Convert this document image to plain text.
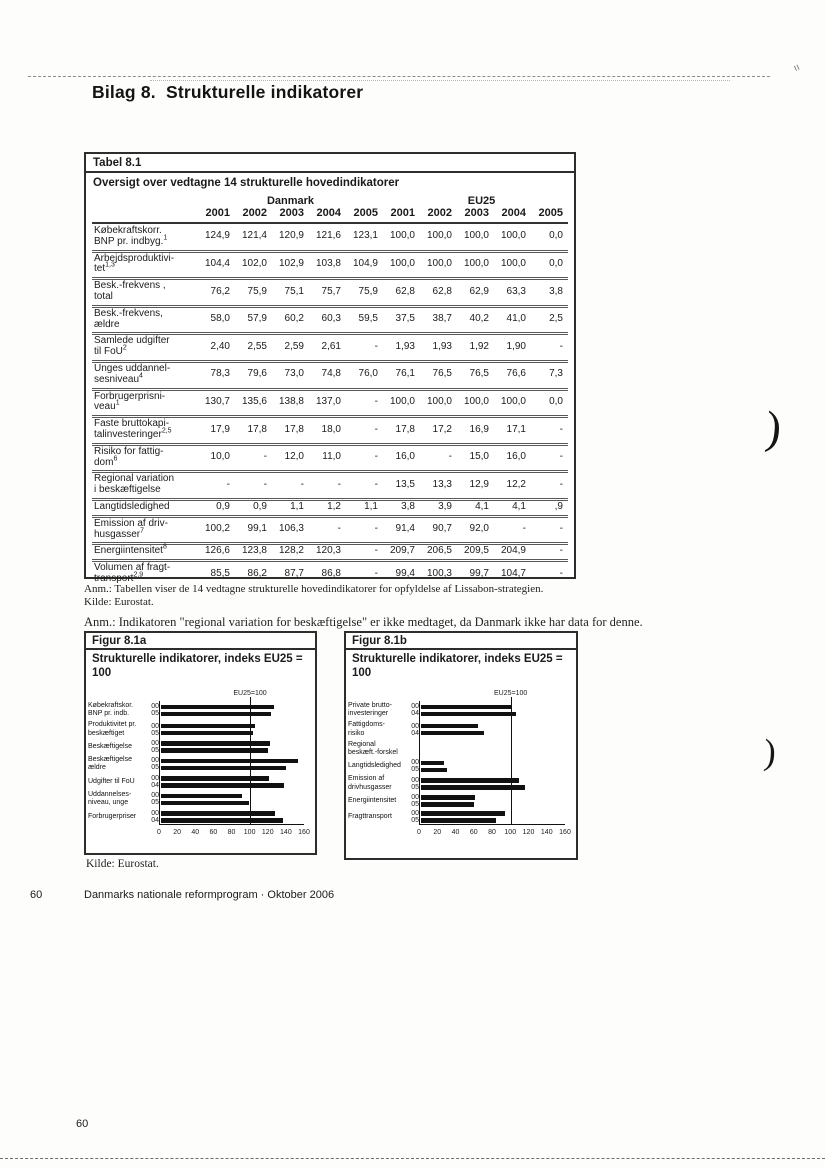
=
Bilag 8.  Strukturelle indikatorer
Tabel 8.1
Oversigt over vedtagne 14 strukturelle hovedindikatorer
Danmark	EU25
2001	2002	2003	2004	2005	2001	2002	2003	2004	2005
Købekraftskorr.
BNP pr. indbyg.$^1$	124,9	121,4	120,9	121,6	123,1	100,0	100,0	100,0	100,0	0,0
Arbejdsproduktivi-
tet$^{1,3}$	104,4	102,0	102,9	103,8	104,9	100,0	100,0	100,0	100,0	0,0
Besk.-frekvens ,
total	76,2	75,9	75,1	75,7	75,9	62,8	62,8	62,9	63,3	3,8
Besk.-frekvens,
ældre	58,0	57,9	60,2	60,3	59,5	37,5	38,7	40,2	41,0	2,5
Samlede udgifter
til FoU$^2$	2,40	2,55	2,59	2,61	-	1,93	1,93	1,92	1,90	-
Unges uddannel-
sesniveau$^4$	78,3	79,6	73,0	74,8	76,0	76,1	76,5	76,5	76,6	7,3
Forbrugerprisni-
veau$^1$	130,7	135,6	138,8	137,0	-	100,0	100,0	100,0	100,0	0,0
Faste bruttokapi-
talinvesteringer$^{2,5}$	17,9	17,8	17,8	18,0	-	17,8	17,2	16,9	17,1	-
Risiko for fattig-
dom$^6$	10,0	-	12,0	11,0	-	16,0	-	15,0	16,0	-
Regional variation
i beskæftigelse	-	-	-	-	-	13,5	13,3	12,9	12,2	-
Langtidsledighed	0,9	0,9	1,1	1,2	1,1	3,8	3,9	4,1	4,1	,9
Emission af driv-
husgasser$^7$	100,2	99,1	106,3	-	-	91,4	90,7	92,0	-	-
Energiintensitet$^8$	126,6	123,8	128,2	120,3	-	209,7	206,5	209,5	204,9	-
Volumen af fragt-
transport$^{2,9}$	85,5	86,2	87,7	86,8	-	99,4	100,3	99,7	104,7	-

Anm.: Tabellen viser de 14 vedtagne strukturelle hovedindikatorer for opfyldelse af Lissabon-strategien.

Kilde: Eurostat.

Anm.: Indikatoren "regional variation for beskæftigelse" er ikke medtaget, da Danmark ikke har data for denne.

Figur 8.1a
Strukturelle indikatorer, indeks EU25 = 100
EU25=100
Købekraftskor.
BNP pr. indb.
00
05
Produktivitet pr.
beskæftiget
00
05
Beskæftigelse	00
05
Beskæftigelse
ældre
00
05
Udgifter til FoU	00
04
Uddannelses-
niveau, unge
00
05
Forbrugerpriser	00
04
0 20 40 60 80 100 120 140 160
Figur 8.1b
Strukturelle indikatorer, indeks EU25 = 100
EU25=100
Private brutto-
investeringer
00
04
Fattigdoms-
risiko
00
04
Regional
beskæft.-forskel
Langtidsledighed	00
05
Emission af
drivhusgasser
00
05
Energiintensitet	00
05
Fragttransport	00
05
0 20 40 60 80 100 120 140 160

Kilde: Eurostat.

60	Danmarks nationale reformprogram · Oktober 2006
)
)
60
